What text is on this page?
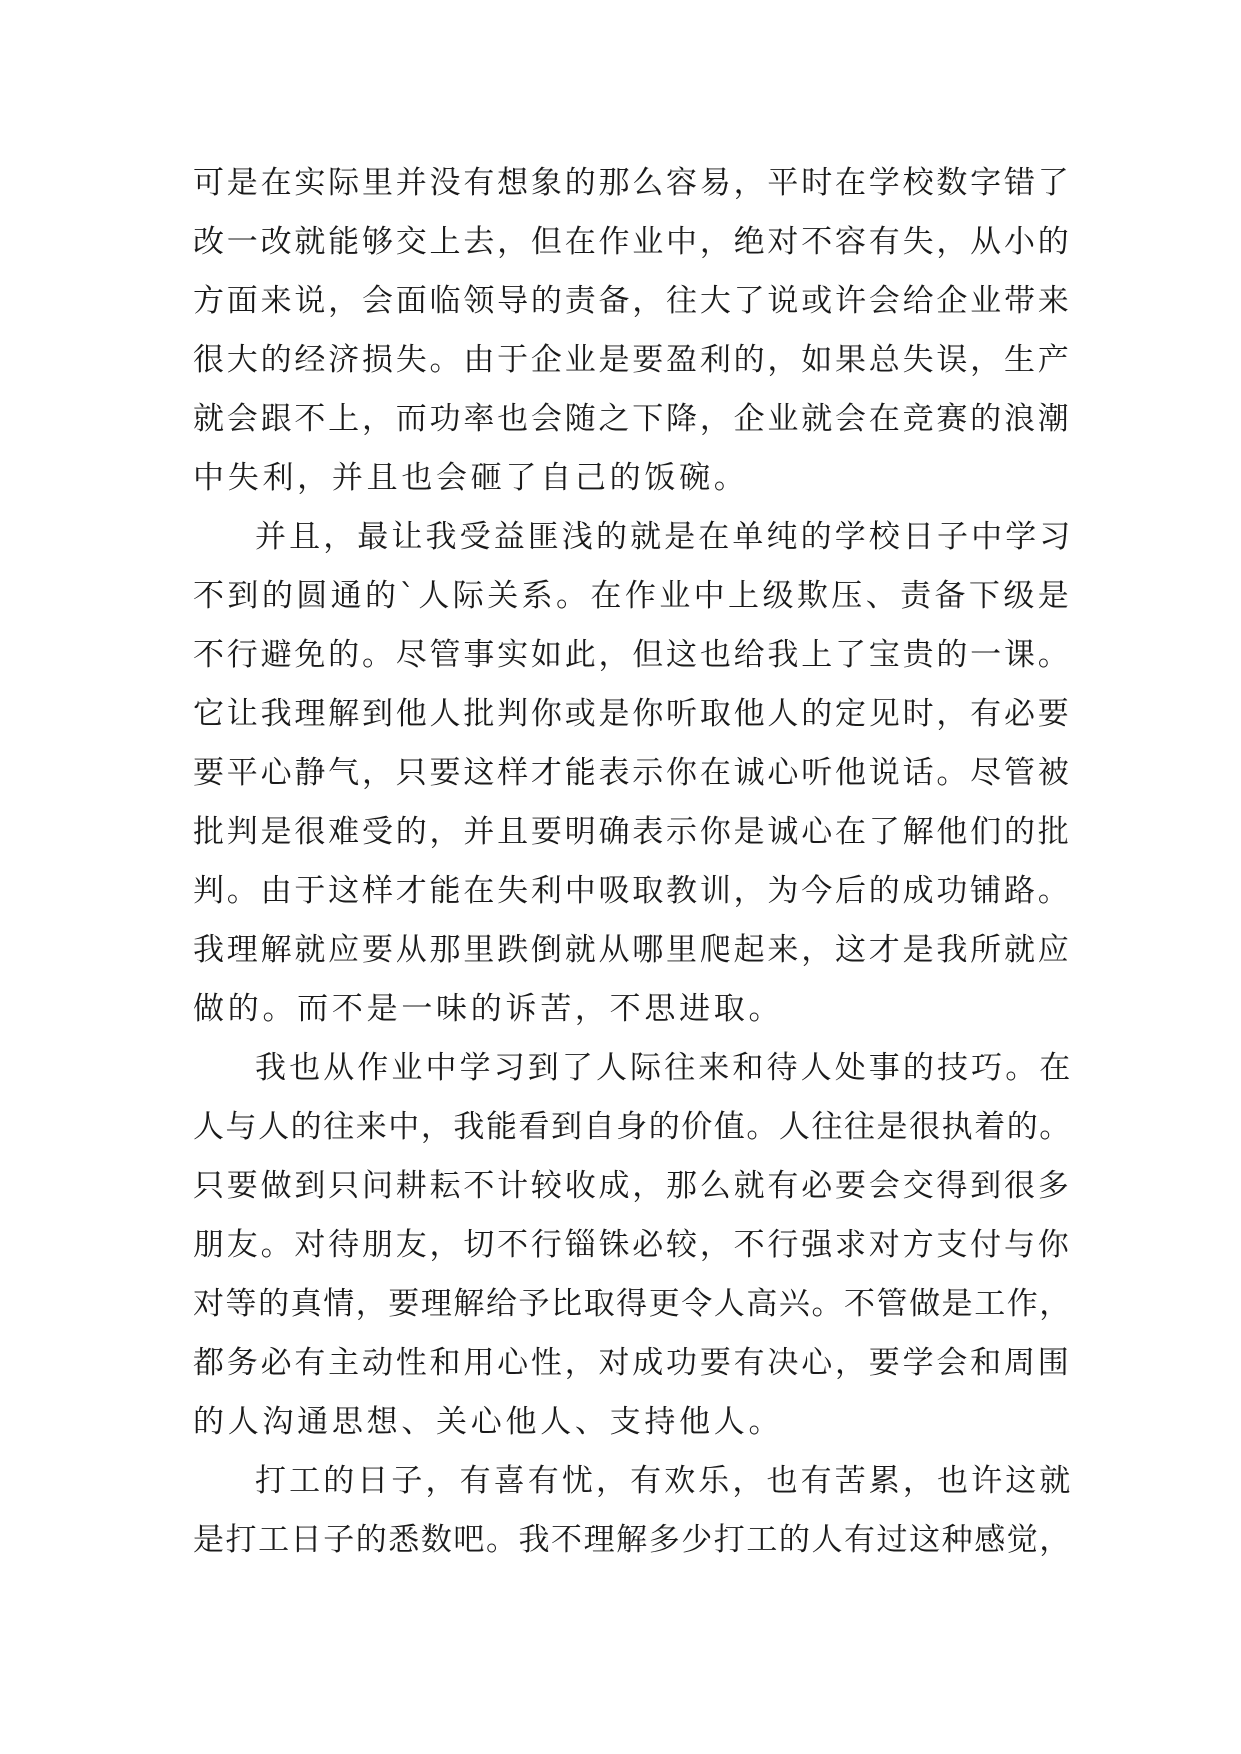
可是在实际里并没有想象的那么容易，平时在学校数字错了
改一改就能够交上去，但在作业中，绝对不容有失，从小的
方面来说，会面临领导的责备，往大了说或许会给企业带来
很大的经济损失。由于企业是要盈利的，如果总失误，生产
就会跟不上，而功率也会随之下降，企业就会在竞赛的浪潮
中失利，并且也会砸了自己的饭碗。
并且，最让我受益匪浅的就是在单纯的学校日子中学习
不到的圆通的`人际关系。在作业中上级欺压、责备下级是
不行避免的。尽管事实如此，但这也给我上了宝贵的一课。
它让我理解到他人批判你或是你听取他人的定见时，有必要
要平心静气，只要这样才能表示你在诚心听他说话。尽管被
批判是很难受的，并且要明确表示你是诚心在了解他们的批
判。由于这样才能在失利中吸取教训，为今后的成功铺路。
我理解就应要从那里跌倒就从哪里爬起来，这才是我所就应
做的。而不是一味的诉苦，不思进取。
我也从作业中学习到了人际往来和待人处事的技巧。在
人与人的往来中，我能看到自身的价值。人往往是很执着的。
只要做到只问耕耘不计较收成，那么就有必要会交得到很多
朋友。对待朋友，切不行锱铢必较，不行强求对方支付与你
对等的真情，要理解给予比取得更令人高兴。不管做是工作，
都务必有主动性和用心性，对成功要有决心，要学会和周围
的人沟通思想、关心他人、支持他人。
打工的日子，有喜有忧，有欢乐，也有苦累，也许这就
是打工日子的悉数吧。我不理解多少打工的人有过这种感觉，
